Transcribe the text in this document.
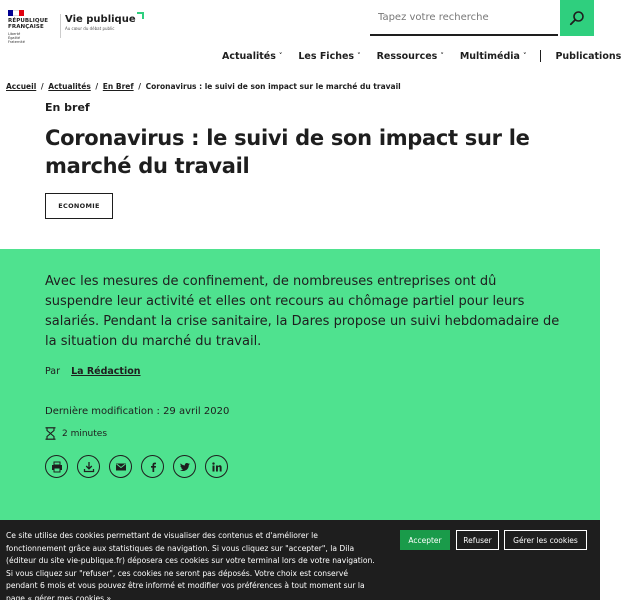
RÉPUBLIQUE
FRANÇAISE
Liberté
Égalité
Fraternité
Vie publique
Au cœur du débat public
Tapez votre recherche
Actualités ˅ Les Fiches ˅ Ressources ˅ Multimédia ˅	Publications
Accueil / Actualités / En Bref / Coronavirus : le suivi de son impact sur le marché du travail
En bref
Coronavirus : le suivi de son impact sur le marché du travail
ECONOMIE

Avec les mesures de confinement, de nombreuses entreprises ont dû suspendre leur activité et elles ont recours au chômage partiel pour leurs salariés. Pendant la crise sanitaire, la Dares propose un suivi hebdomadaire de la situation du marché du travail.

Par La Rédaction
Dernière modification : 29 avril 2020
2 minutes

Ce site utilise des cookies permettant de visualiser des contenus et d'améliorer le fonctionnement grâce aux statistiques de navigation. Si vous cliquez sur "accepter", la Dila (éditeur du site vie-publique.fr) déposera ces cookies sur votre terminal lors de votre navigation. Si vous cliquez sur "refuser", ces cookies ne seront pas déposés. Votre choix est conservé pendant 6 mois et vous pouvez être informé et modifier vos préférences à tout moment sur la page « gérer mes cookies ».

Accepter	Refuser	Gérer les cookies
